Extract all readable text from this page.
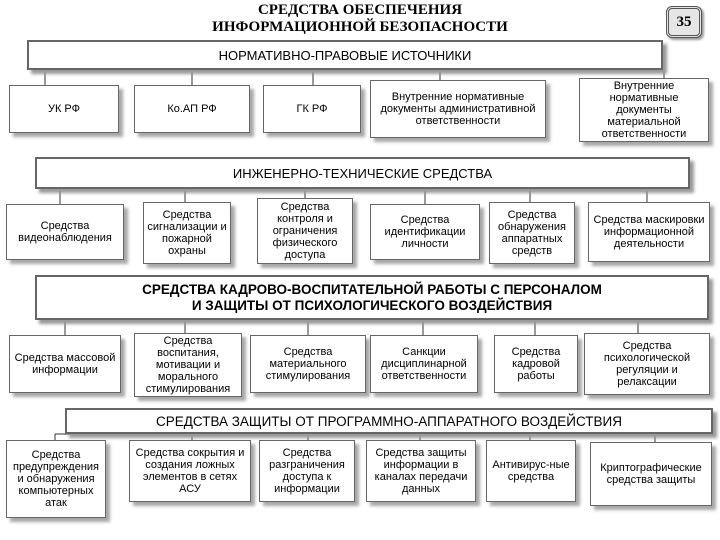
СРЕДСТВА ОБЕСПЕЧЕНИЯ
ИНФОРМАЦИОННОЙ БЕЗОПАСНОСТИ	35
НОРМАТИВНО-ПРАВОВЫЕ ИСТОЧНИКИ
УК РФ	Ко.АП РФ	ГК РФ
Внутренние нормативные документы административной ответственности
Внутренние нормативные документы материальной ответственности
ИНЖЕНЕРНО-ТЕХНИЧЕСКИЕ СРЕДСТВА
Средства видеонаблюдения
Средства сигнализации и пожарной охраны
Средства контроля и ограничения физического доступа
Средства идентификации личности
Средства обнаружения аппаратных средств
Средства маскировки информационной деятельности
СРЕДСТВА КАДРОВО-ВОСПИТАТЕЛЬНОЙ РАБОТЫ С ПЕРСОНАЛОМ
И ЗАЩИТЫ ОТ ПСИХОЛОГИЧЕСКОГО ВОЗДЕЙСТВИЯ
Средства массовой информации
Средства воспитания, мотивации и морального стимулирования
Средства материального стимулирования
Санкции дисциплинарной ответственности
Средства кадровой работы
Средства психологической регуляции и релаксации
СРЕДСТВА ЗАЩИТЫ ОТ ПРОГРАММНО-АППАРАТНОГО ВОЗДЕЙСТВИЯ
Средства предупреждения и обнаружения компьютерных атак
Средства сокрытия и создания ложных элементов в сетях АСУ
Средства разграничения доступа к информации
Средства защиты информации в каналах передачи данных
Антивирус-ные средства
Криптографические средства защиты
